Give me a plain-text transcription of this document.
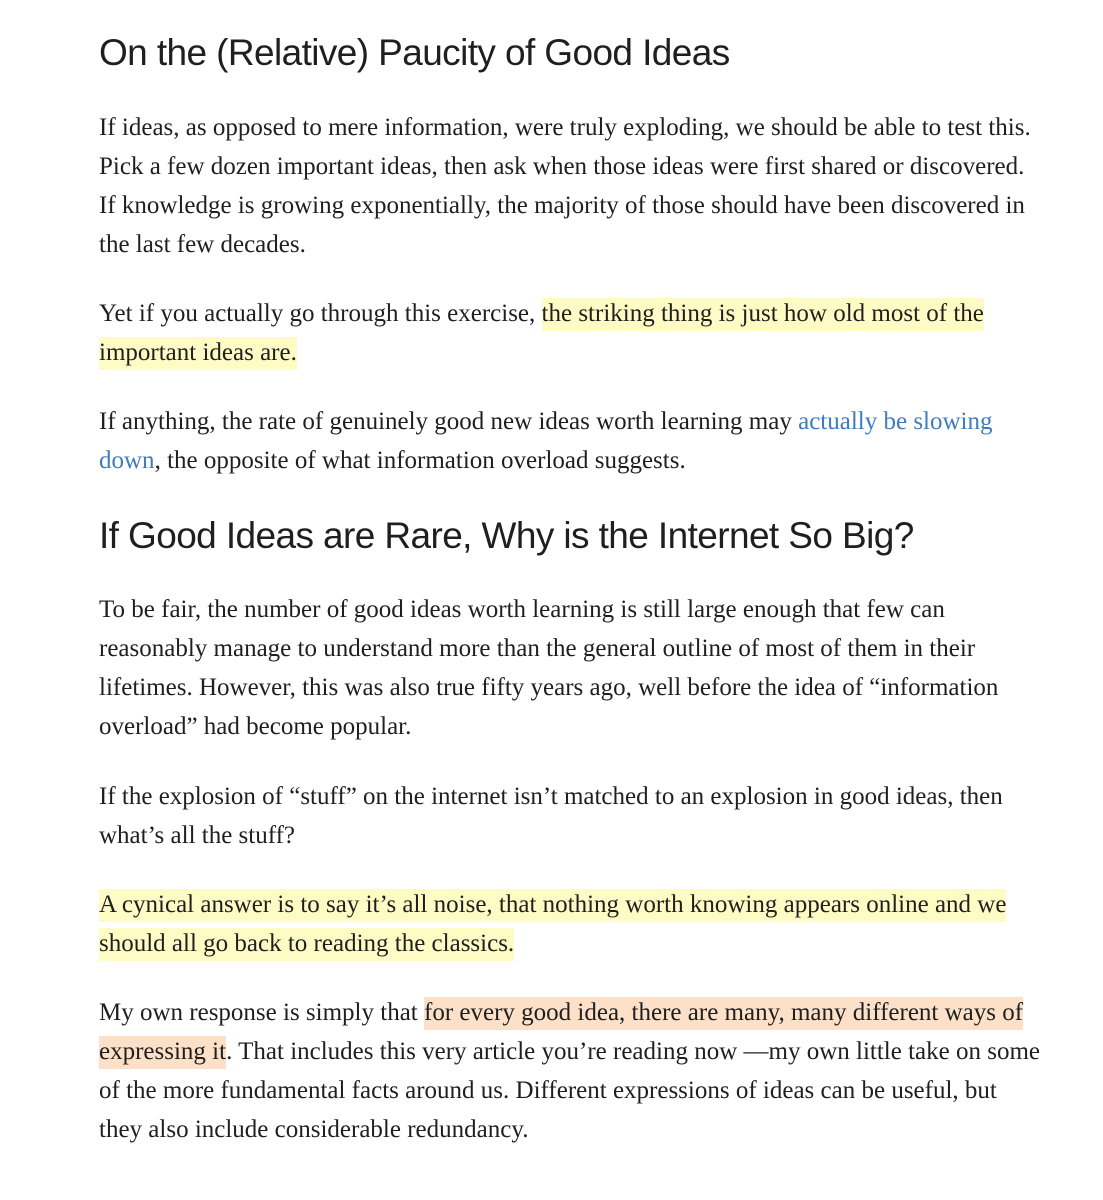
On the (Relative) Paucity of Good Ideas

If ideas, as opposed to mere information, were truly exploding, we should be able to test this. Pick a few dozen important ideas, then ask when those ideas were first shared or discovered. If knowledge is growing exponentially, the majority of those should have been discovered in the last few decades.

Yet if you actually go through this exercise, the striking thing is just how old most of the important ideas are.

If anything, the rate of genuinely good new ideas worth learning may actually be slowing down, the opposite of what information overload suggests.

If Good Ideas are Rare, Why is the Internet So Big?

To be fair, the number of good ideas worth learning is still large enough that few can reasonably manage to understand more than the general outline of most of them in their lifetimes. However, this was also true fifty years ago, well before the idea of “information overload” had become popular.

If the explosion of “stuff” on the internet isn’t matched to an explosion in good ideas, then what’s all the stuff?

A cynical answer is to say it’s all noise, that nothing worth knowing appears online and we should all go back to reading the classics.

My own response is simply that for every good idea, there are many, many different ways of expressing it. That includes this very article you’re reading now —my own little take on some of the more fundamental facts around us. Different expressions of ideas can be useful, but they also include considerable redundancy.
